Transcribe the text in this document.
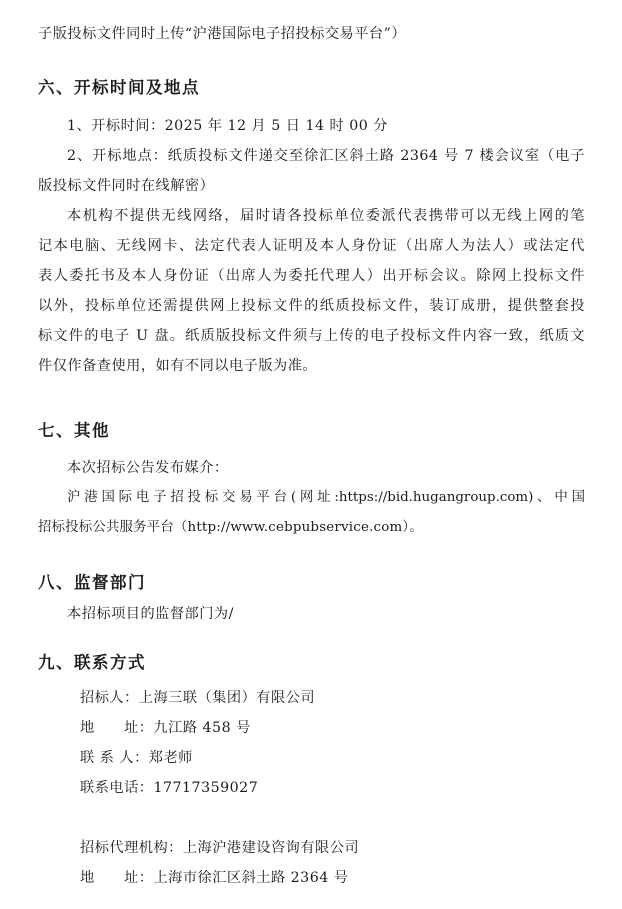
子版投标文件同时上传“沪港国际电子招投标交易平台”）
六、开标时间及地点
1、开标时间：2025 年 12 月 5 日 14 时 00 分
2、开标地点：纸质投标文件递交至徐汇区斜土路 2364 号 7 楼会议室（电子
版投标文件同时在线解密）
本机构不提供无线网络，届时请各投标单位委派代表携带可以无线上网的笔
记本电脑、无线网卡、法定代表人证明及本人身份证（出席人为法人）或法定代
表人委托书及本人身份证（出席人为委托代理人）出开标会议。除网上投标文件
以外，投标单位还需提供网上投标文件的纸质投标文件，装订成册，提供整套投
标文件的电子 U 盘。纸质版投标文件须与上传的电子投标文件内容一致，纸质文
件仅作备查使用，如有不同以电子版为准。
七、其他
本次招标公告发布媒介：
沪港国际电子招投标交易平台(网址:https://bid.hugangroup.com)、中国
招标投标公共服务平台（http://www.cebpubservice.com）。
八、监督部门
本招标项目的监督部门为/
九、联系方式
招标人：上海三联（集团）有限公司
地　　址：九江路 458 号
联 系 人：郑老师
联系电话：17717359027
招标代理机构：上海沪港建设咨询有限公司
地　　址：上海市徐汇区斜土路 2364 号
